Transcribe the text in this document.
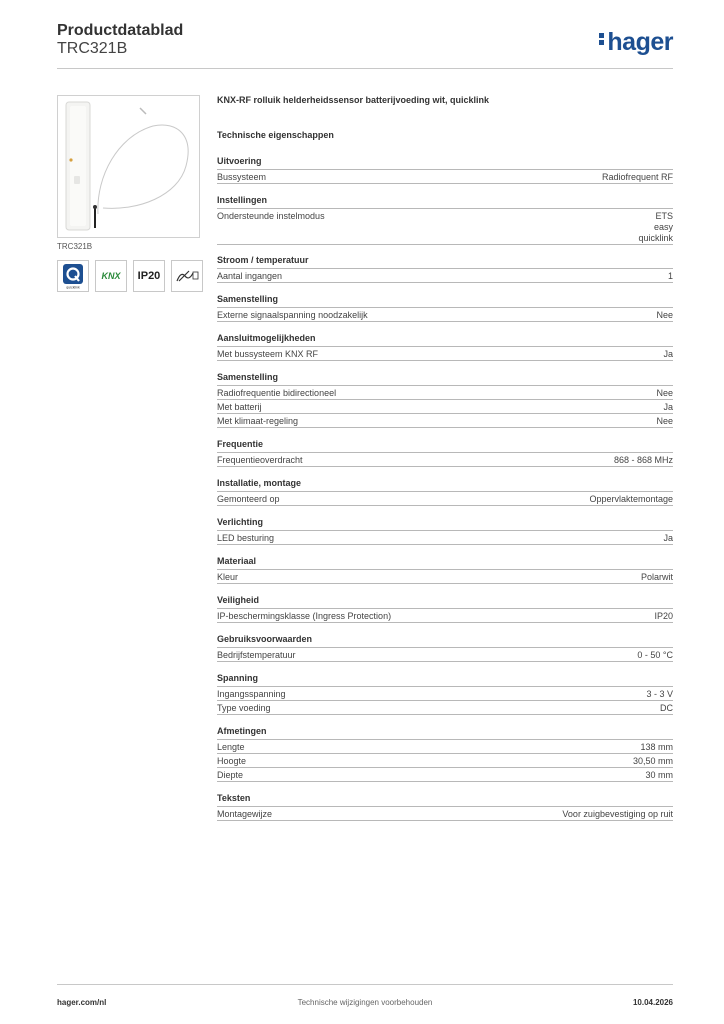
Productdatablad
TRC321B	hager
TRC321B
quicklink
KNX IP20
KNX-RF rolluik helderheidssensor batterijvoeding wit, quicklink
Technische eigenschappen
Uitvoering
Bussysteem	Radiofrequent RF
Instellingen
Ondersteunde instelmodus	ETS
easy
quicklink
Stroom / temperatuur
Aantal ingangen	1
Samenstelling
Externe signaalspanning noodzakelijk	Nee
Aansluitmogelijkheden
Met bussysteem KNX RF	Ja
Samenstelling
Radiofrequentie bidirectioneel	Nee
Met batterij	Ja
Met klimaat-regeling	Nee
Frequentie
Frequentieoverdracht	868 - 868 MHz
Installatie, montage
Gemonteerd op	Oppervlaktemontage
Verlichting
LED besturing	Ja
Materiaal
Kleur	Polarwit
Veiligheid
IP-beschermingsklasse (Ingress Protection)	IP20
Gebruiksvoorwaarden
Bedrijfstemperatuur	0 - 50 °C
Spanning
Ingangsspanning	3 - 3 V
Type voeding	DC
Afmetingen
Lengte	138 mm
Hoogte	30,50 mm
Diepte	30 mm
Teksten
Montagewijze	Voor zuigbevestiging op ruit
hager.com/nl	Technische wijzigingen voorbehouden	10.04.2026
